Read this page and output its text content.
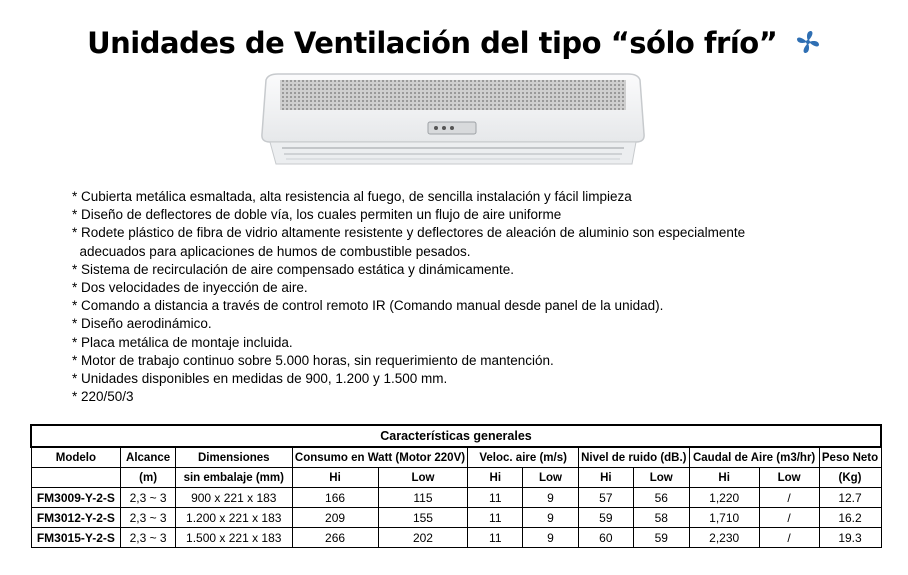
Unidades de Ventilación del tipo “sólo frío”
* Cubierta metálica esmaltada, alta resistencia al fuego, de sencilla instalación y fácil limpieza
* Diseño de deflectores de doble vía, los cuales permiten un flujo de aire uniforme
* Rodete plástico de fibra de vidrio altamente resistente y deflectores de aleación de aluminio son especialmente
adecuados para aplicaciones de humos de combustible pesados.
* Sistema de recirculación de aire compensado estática y dinámicamente.
* Dos velocidades de inyección de aire.
* Comando a distancia a través de control remoto IR (Comando manual desde panel de la unidad).
* Diseño aerodinámico.
* Placa metálica de montaje incluida.
* Motor de trabajo continuo sobre 5.000 horas, sin requerimiento de mantención.
* Unidades disponibles en medidas de 900, 1.200 y 1.500 mm.
* 220/50/3
Características generales											
Modelo	Alcance	Dimensiones	Consumo en Watt (Motor 220V)		Veloc. aire (m/s)		Nivel de ruido (dB.)		Caudal de Aire (m3/hr)		Peso Neto
	(m)	sin embalaje (mm)	Hi	Low	Hi	Low	Hi	Low	Hi	Low	(Kg)
FM3009-Y-2-S	2,3 ~ 3	900 x 221 x 183	166	115	11	9	57	56	1,220	/	12.7
FM3012-Y-2-S	2,3 ~ 3	1.200 x 221 x 183	209	155	11	9	59	58	1,710	/	16.2
FM3015-Y-2-S	2,3 ~ 3	1.500 x 221 x 183	266	202	11	9	60	59	2,230	/	19.3
